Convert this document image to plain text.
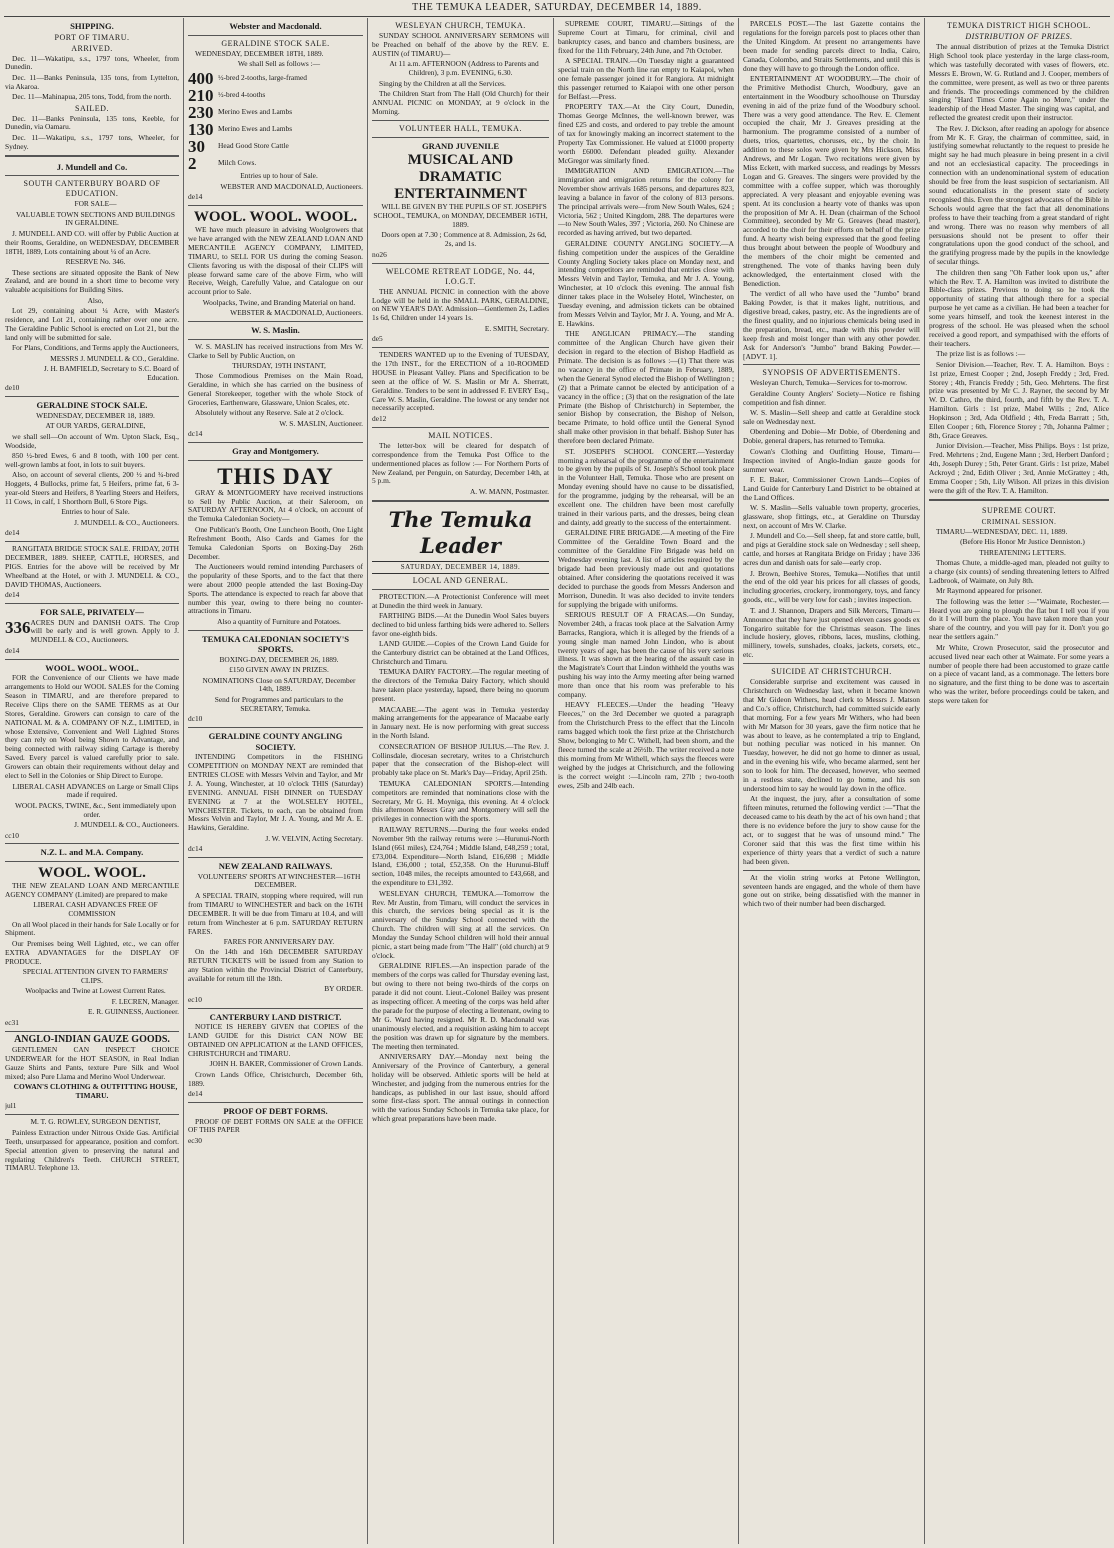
THE TEMUKA LEADER, SATURDAY, DECEMBER 14, 1889.
SHIPPING.
PORT OF TIMARU.
ARRIVED.

Dec. 11—Wakatipu, s.s., 1797 tons, Wheeler, from Dunedin.

Dec. 11—Banks Peninsula, 135 tons, from Lyttelton, via Akaroa.

Dec. 11—Mahinapua, 205 tons, Todd, from the north.

SAILED.

Dec. 11—Banks Peninsula, 135 tons, Keeble, for Dunedin, via Oamaru.

Dec. 11—Wakatipu, s.s., 1797 tons, Wheeler, for Sydney.

J. Mundell and Co.
SOUTH CANTERBURY BOARD OF EDUCATION.

FOR SALE—

VALUABLE TOWN SECTIONS AND BUILDINGS IN GERALDINE.

J. MUNDELL AND CO. will offer by Public Auction at their Rooms, Geraldine, on WEDNESDAY, DECEMBER 18TH, 1889, Lots containing about ¼ of an Acre.

RESERVE No. 346.

These sections are situated opposite the Bank of New Zealand, and are bound in a short time to become very valuable acquisitions for Building Sites.

Also,

Lot 29, containing about ¼ Acre, with Master's residence, and Lot 21, containing rather over one acre. The Geraldine Public School is erected on Lot 21, but the land only will be submitted for sale.

For Plans, Conditions, and Terms apply the Auctioneers,

MESSRS J. MUNDELL & CO., Geraldine.

J. H. BAMFIELD, Secretary to S.C. Board of Education.

de10

GERALDINE STOCK SALE.

WEDNESDAY, DECEMBER 18, 1889.

AT OUR YARDS, GERALDINE,

we shall sell—On account of Wm. Upton Slack, Esq., Woodside,

850 ½-bred Ewes, 6 and 8 tooth, with 100 per cent. well-grown lambs at foot, in lots to suit buyers.

Also, on account of several clients, 200 ½ and ¾-bred Hoggets, 4 Bullocks, prime fat, 5 Heifers, prime fat, 6 3-year-old Steers and Heifers, 8 Yearling Steers and Heifers, 11 Cows, in calf, 1 Shorthorn Bull, 6 Store Pigs.

Entries to hour of Sale.

J. MUNDELL & CO., Auctioneers.

de14

RANGITATA BRIDGE STOCK SALE. FRIDAY, 20TH DECEMBER, 1889. SHEEP, CATTLE, HORSES, and PIGS. Entries for the above will be received by Mr Wheelband at the Hotel, or with J. MUNDELL & CO., DAVID THOMAS, Auctioneers.

de14

FOR SALE, PRIVATELY—
336 ACRES DUN and DANISH OATS. The Crop will be early and is well grown. Apply to J. MUNDELL & CO., Auctioneers.

de14

WOOL. WOOL. WOOL.

FOR the Convenience of our Clients we have made arrangements to Hold our WOOL SALES for the Coming Season in TIMARU, and are therefore prepared to Receive Clips there on the SAME TERMS as at Our Stores, Geraldine. Growers can consign to care of the NATIONAL M. & A. COMPANY OF N.Z., LIMITED, in whose Extensive, Convenient and Well Lighted Stores they can rely on Wool being Shown to Advantage, and being connected with railway siding Cartage is thereby Saved. Every parcel is valued carefully prior to sale. Growers can obtain their requirements without delay and elect to Sell in the Colonies or Ship Direct to Europe.

LIBERAL CASH ADVANCES on Large or Small Clips made if required.

WOOL PACKS, TWINE, &c., Sent immediately upon order.

J. MUNDELL & CO., Auctioneers.

cc10

N.Z. L. and M.A. Company.
WOOL. WOOL.

THE NEW ZEALAND LOAN AND MERCANTILE AGENCY COMPANY (Limited) are prepared to make

LIBERAL CASH ADVANCES FREE OF COMMISSION

On all Wool placed in their hands for Sale Locally or for Shipment.

Our Premises being Well Lighted, etc., we can offer EXTRA ADVANTAGES for the DISPLAY OF PRODUCE.

SPECIAL ATTENTION GIVEN TO FARMERS' CLIPS.

Woolpacks and Twine at Lowest Current Rates.

F. LECREN, Manager.

E. R. GUINNESS, Auctioneer.

ec31

ANGLO-INDIAN GAUZE GOODS.

GENTLEMEN CAN INSPECT CHOICE UNDERWEAR for the HOT SEASON, in Real Indian Gauze Shirts and Pants, texture Pure Silk and Wool mixed; also Pure Llama and Merino Wool Underwear.

COWAN'S CLOTHING & OUTFITTING HOUSE, TIMARU.

jul1

M. T. G. ROWLEY, SURGEON DENTIST,

Painless Extraction under Nitrous Oxide Gas. Artificial Teeth, unsurpassed for appearance, position and comfort. Special attention given to preserving the natural and regulating Children's Teeth. CHURCH STREET, TIMARU. Telephone 13.

Webster and Macdonald.
GERALDINE STOCK SALE.

WEDNESDAY, DECEMBER 18TH, 1889.

We shall Sell as follows :—

400 ½-bred 2-tooths, large-framed
210 ½-bred 4-tooths
230 Merino Ewes and Lambs
130 Merino Ewes and Lambs
30	Head Good Store Cattle
2	Milch Cows.

Entries up to hour of Sale.

WEBSTER AND MACDONALD, Auctioneers.

de14

WOOL. WOOL. WOOL.

WE have much pleasure in advising Woolgrowers that we have arranged with the NEW ZEALAND LOAN AND MERCANTILE AGENCY COMPANY, LIMITED, TIMARU, to SELL FOR US during the coming Season. Clients favoring us with the disposal of their CLIPS will please forward same care of the above Firm, who will Receive, Weigh, Carefully Value, and Catalogue on our account prior to Sale.

Woolpacks, Twine, and Branding Material on hand.

WEBSTER & MACDONALD, Auctioneers.

W. S. Maslin.

W. S. MASLIN has received instructions from Mrs W. Clarke to Sell by Public Auction, on

THURSDAY, 19TH INSTANT,

Those Commodious Premises on the Main Road, Geraldine, in which she has carried on the business of General Storekeeper, together with the whole Stock of Groceries, Earthenware, Glassware, Union Scales, etc.

Absolutely without any Reserve. Sale at 2 o'clock.

W. S. MASLIN, Auctioneer.

dc14

Gray and Montgomery.
THIS DAY

GRAY & MONTGOMERY have received instructions to Sell by Public Auction, at their Saleroom, on SATURDAY AFTERNOON, At 4 o'clock, on account of the Temuka Caledonian Society—

One Publican's Booth, One Luncheon Booth, One Light Refreshment Booth, Also Cards and Games for the Temuka Caledonian Sports on Boxing-Day 26th December.

The Auctioneers would remind intending Purchasers of the popularity of these Sports, and to the fact that there were about 2000 people attended the last Boxing-Day Sports. The attendance is expected to reach far above that number this year, owing to there being no counter-attractions in Timaru.

Also a quantity of Furniture and Potatoes.

TEMUKA CALEDONIAN SOCIETY'S SPORTS.

BOXING-DAY, DECEMBER 26, 1889.

£150 GIVEN AWAY IN PRIZES.

NOMINATIONS Close on SATURDAY, December 14th, 1889.

Send for Programmes and particulars to the SECRETARY, Temuka.

dc10

GERALDINE COUNTY ANGLING SOCIETY.

INTENDING Competitors in the FISHING COMPETITION on MONDAY NEXT are reminded that ENTRIES CLOSE with Messrs Velvin and Taylor, and Mr J. A. Young, Winchester, at 10 o'clock THIS (Saturday) EVENING. ANNUAL FISH DINNER on TUESDAY EVENING at 7 at the WOLSELEY HOTEL, WINCHESTER. Tickets, to each, can be obtained from Messrs Velvin and Taylor, Mr J. A. Young, and Mr A. E. Hawkins, Geraldine.

J. W. VELVIN, Acting Secretary.

dc14

NEW ZEALAND RAILWAYS.

VOLUNTEERS' SPORTS AT WINCHESTER—16TH DECEMBER.

A SPECIAL TRAIN, stopping where required, will run from TIMARU to WINCHESTER and back on the 16TH DECEMBER. It will be due from Timaru at 10.4, and will return from Winchester at 6 p.m. SATURDAY RETURN FARES.

FARES FOR ANNIVERSARY DAY.

On the 14th and 16th DECEMBER SATURDAY RETURN TICKETS will be issued from any Station to any Station within the Provincial District of Canterbury, available for return till the 18th.

BY ORDER.

ec10

CANTERBURY LAND DISTRICT.

NOTICE IS HEREBY GIVEN that COPIES of the LAND GUIDE for this District CAN NOW BE OBTAINED ON APPLICATION at the LAND OFFICES, CHRISTCHURCH and TIMARU.

JOHN H. BAKER, Commissioner of Crown Lands.

Crown Lands Office, Christchurch, December 6th, 1889.

de14

PROOF OF DEBT FORMS.

PROOF OF DEBT FORMS ON SALE at the OFFICE OF THIS PAPER

ec30

WESLEYAN CHURCH, TEMUKA.

SUNDAY SCHOOL ANNIVERSARY SERMONS will be Preached on behalf of the above by the REV. E. AUSTIN (of TIMARU)—

At 11 a.m. AFTERNOON (Address to Parents and Children), 3 p.m. EVENING, 6.30.

Singing by the Children at all the Services.

The Children Start from The Hall (Old Church) for their ANNUAL PICNIC on MONDAY, at 9 o'clock in the Morning.

VOLUNTEER HALL, TEMUKA.
GRAND JUVENILE
MUSICAL AND DRAMATIC ENTERTAINMENT

WILL BE GIVEN BY THE PUPILS OF ST. JOSEPH'S SCHOOL, TEMUKA, on MONDAY, DECEMBER 16TH, 1889.

Doors open at 7.30 ; Commence at 8. Admission, 2s 6d, 2s, and 1s.

no26

WELCOME RETREAT LODGE, No. 44, I.O.G.T.

THE ANNUAL PICNIC in connection with the above Lodge will be held in the SMALL PARK, GERALDINE, on NEW YEAR'S DAY. Admission—Gentlemen 2s, Ladies 1s 6d, Children under 14 years 1s.

E. SMITH, Secretary.

de5

TENDERS WANTED up to the Evening of TUESDAY, the 17th INST., for the ERECTION of a 10-ROOMED HOUSE in Pleasant Valley. Plans and Specification to be seen at the office of W. S. Maslin or Mr A. Sherratt, Geraldine. Tenders to be sent in addressed F. EVERY Esq., Care W. S. Maslin, Geraldine. The lowest or any tender not necessarily accepted.

de12

MAIL NOTICES.

The letter-box will be cleared for despatch of correspondence from the Temuka Post Office to the undermentioned places as follow :— For Northern Ports of New Zealand, per Penguin, on Saturday, December 14th, at 5 p.m.

A. W. MANN, Postmaster.

The Temuka Leader
SATURDAY, DECEMBER 14, 1889.
LOCAL AND GENERAL.

PROTECTION.—A Protectionist Conference will meet at Dunedin the third week in January.

FARTHING BIDS.—At the Dunedin Wool Sales buyers declined to bid unless farthing bids were adhered to. Sellers favor one-eighth bids.

LAND GUIDE.—Copies of the Crown Land Guide for the Canterbury district can be obtained at the Land Offices, Christchurch and Timaru.

TEMUKA DAIRY FACTORY.—The regular meeting of the directors of the Temuka Dairy Factory, which should have taken place yesterday, lapsed, there being no quorum present.

MACAABE.—The agent was in Temuka yesterday making arrangements for the appearance of Macaabe early in January next. He is now performing with great success in the North Island.

CONSECRATION OF BISHOP JULIUS.—The Rev. J. Collinsdale, diocesan secretary, writes to a Christchurch paper that the consecration of the Bishop-elect will probably take place on St. Mark's Day—Friday, April 25th.

TEMUKA CALEDONIAN SPORTS.—Intending competitors are reminded that nominations close with the Secretary, Mr G. H. Moyniga, this evening. At 4 o'clock this afternoon Messrs Gray and Montgomery will sell the privileges in connection with the sports.

RAILWAY RETURNS.—During the four weeks ended November 9th the railway returns were :—Hurunui-North Island (661 miles), £24,764 ; Middle Island, £48,259 ; total, £73,004. Expenditure—North Island, £16,698 ; Middle Island, £36,000 ; total, £52,358. On the Hurunui-Bluff section, 1048 miles, the receipts amounted to £43,668, and the expenditure to £31,392.

WESLEYAN CHURCH, TEMUKA.—Tomorrow the Rev. Mr Austin, from Timaru, will conduct the services in this church, the services being special as it is the anniversary of the Sunday School connected with the Church. The children will sing at all the services. On Monday the Sunday School children will hold their annual picnic, a start being made from "The Hall" (old church) at 9 o'clock.

GERALDINE RIFLES.—An inspection parade of the members of the corps was called for Thursday evening last, but owing to there not being two-thirds of the corps on parade it did not count. Lieut.-Colonel Bailey was present as inspecting officer. A meeting of the corps was held after the parade for the purpose of electing a lieutenant, owing to Mr G. Ward having resigned. Mr R. D. Macdonald was unanimously elected, and a requisition asking him to accept the position was drawn up for signature by the members. The meeting then terminated.

ANNIVERSARY DAY.—Monday next being the Anniversary of the Province of Canterbury, a general holiday will be observed. Athletic sports will be held at Winchester, and judging from the numerous entries for the handicaps, as published in our last issue, should afford some first-class sport. The annual outings in connection with the various Sunday Schools in Temuka take place, for which great preparations have been made.

SUPREME COURT, TIMARU.—Sittings of the Supreme Court at Timaru, for criminal, civil and bankruptcy cases, and banco and chambers business, are fixed for the 11th February, 24th June, and 7th October.

A SPECIAL TRAIN.—On Tuesday night a guaranteed special train on the North line ran empty to Kaiapoi, when one female passenger joined it for Rangiora. At midnight this passenger returned to Kaiapoi with one other person for Belfast.—Press.

PROPERTY TAX.—At the City Court, Dunedin, Thomas George McInnes, the well-known brewer, was fined £25 and costs, and ordered to pay treble the amount of tax for knowingly making an incorrect statement to the Property Tax Commissioner. He valued at £1000 property worth £6000. Defendant pleaded guilty. Alexander McGregor was similarly fined.

IMMIGRATION AND EMIGRATION.—The immigration and emigration returns for the colony for November show arrivals 1685 persons, and departures 823, leaving a balance in favor of the colony of 813 persons. The principal arrivals were—from New South Wales, 624 ; Victoria, 562 ; United Kingdom, 288. The departures were—to New South Wales, 397 ; Victoria, 260. No Chinese are recorded as having arrived, but two departed.

GERALDINE COUNTY ANGLING SOCIETY.—A fishing competition under the auspices of the Geraldine County Angling Society takes place on Monday next, and intending competitors are reminded that entries close with Messrs Velvin and Taylor, Temuka, and Mr J. A. Young, Winchester, at 10 o'clock this evening. The annual fish dinner takes place in the Wolseley Hotel, Winchester, on Tuesday evening, and admission tickets can be obtained from Messrs Velvin and Taylor, Mr J. A. Young, and Mr A. E. Hawkins.

THE ANGLICAN PRIMACY.—The standing committee of the Anglican Church have given their decision in regard to the election of Bishop Hadfield as Primate. The decision is as follows :—(1) That there was no vacancy in the office of Primate in February, 1889, when the General Synod elected the Bishop of Wellington ; (2) that a Primate cannot be elected by anticipation of a vacancy in the office ; (3) that on the resignation of the late Primate (the Bishop of Christchurch) in September, the senior Bishop by consecration, the Bishop of Nelson, became Primate, to hold office until the General Synod shall make other provision in that behalf. Bishop Suter has therefore been declared Primate.

ST. JOSEPH'S SCHOOL CONCERT.—Yesterday morning a rehearsal of the programme of the entertainment to be given by the pupils of St. Joseph's School took place in the Volunteer Hall, Temuka. Those who are present on Monday evening should have no cause to be dissatisfied, for the programme, judging by the rehearsal, will be an excellent one. The children have been most carefully trained in their various parts, and the dresses, being clean and dainty, add greatly to the success of the entertainment.

GERALDINE FIRE BRIGADE.—A meeting of the Fire Committee of the Geraldine Town Board and the committee of the Geraldine Fire Brigade was held on Wednesday evening last. A list of articles required by the brigade had been previously made out and quotations obtained. After considering the quotations received it was decided to purchase the goods from Messrs Anderson and Morrison, Dunedin. It was also decided to invite tenders for supplying the brigade with uniforms.

SERIOUS RESULT OF A FRACAS.—On Sunday, November 24th, a fracas took place at the Salvation Army Barracks, Rangiora, which it is alleged by the friends of a young single man named John Lindon, who is about twenty years of age, has been the cause of his very serious illness. It was shown at the hearing of the assault case in the Magistrate's Court that Lindon withheld the youths was pushing his way into the Army meeting after being warned more than once that his room was preferable to his company.

HEAVY FLEECES.—Under the heading "Heavy Fleeces," on the 3rd December we quoted a paragraph from the Christchurch Press to the effect that the Lincoln rams bagged which took the first prize at the Christchurch Show, belonging to Mr C. Withell, had been shorn, and the fleece turned the scale at 26½lb. The writer received a note this morning from Mr Withell, which says the fleeces were weighed by the judges at Christchurch, and the following is the correct weight :—Lincoln ram, 27lb ; two-tooth ewes, 25lb and 24lb each.

PARCELS POST.—The last Gazette contains the regulations for the foreign parcels post to places other than the United Kingdom. At present no arrangements have been made for sending parcels direct to India, Cairo, Canada, Colombo, and Straits Settlements, and until this is done they will have to go through the London office.

ENTERTAINMENT AT WOODBURY.—The choir of the Primitive Methodist Church, Woodbury, gave an entertainment in the Woodbury schoolhouse on Thursday evening in aid of the prize fund of the Woodbury school. There was a very good attendance. The Rev. E. Clement occupied the chair, Mr J. Greaves presiding at the harmonium. The programme consisted of a number of duets, trios, quartettes, choruses, etc., by the choir. In addition to these solos were given by Mrs Hickson, Miss Andrews, and Mr Logan. Two recitations were given by Miss Eckett, with marked success, and readings by Messrs Logan and G. Greaves. The singers were provided by the committee with a coffee supper, which was thoroughly appreciated. A very pleasant and enjoyable evening was spent. At its conclusion a hearty vote of thanks was upon the proposition of Mr A. H. Dean (chairman of the School Committee), seconded by Mr G. Greaves (head master), accorded to the choir for their efforts on behalf of the prize fund. A hearty wish being expressed that the good feeling thus brought about between the people of Woodbury and the members of the choir might be cemented and strengthened. The vote of thanks having been duly acknowledged, the entertainment closed with the Benediction.

The verdict of all who have used the "Jumbo" brand Baking Powder, is that it makes light, nutritious, and digestive bread, cakes, pastry, etc. As the ingredients are of the finest quality, and no injurious chemicals being used in the preparation, bread, etc., made with this powder will keep fresh and moist longer than with any other powder. Ask for Anderson's "Jumbo" brand Baking Powder.—[ADVT. 1].

SYNOPSIS OF ADVERTISEMENTS.

Wesleyan Church, Temuka—Services for to-morrow.

Geraldine County Anglers' Society—Notice re fishing competition and fish dinner.

W. S. Maslin—Sell sheep and cattle at Geraldine stock sale on Wednesday next.

Oberdening and Dobie—Mr Dobie, of Oberdening and Dobie, general drapers, has returned to Temuka.

Cowan's Clothing and Outfitting House, Timaru—Inspection invited of Anglo-Indian gauze goods for summer wear.

F. E. Baker, Commissioner Crown Lands—Copies of Land Guide for Canterbury Land District to be obtained at the Land Offices.

W. S. Maslin—Sells valuable town property, groceries, glassware, shop fittings, etc., at Geraldine on Thursday next, on account of Mrs W. Clarke.

J. Mundell and Co.—Sell sheep, fat and store cattle, bull, and pigs at Geraldine stock sale on Wednesday ; sell sheep, cattle, and horses at Rangitata Bridge on Friday ; have 336 acres dun and danish oats for sale—early crop.

J. Brown, Beehive Stores, Temuka—Notifies that until the end of the old year his prices for all classes of goods, including groceries, crockery, ironmongery, toys, and fancy goods, etc., will be very low for cash ; invites inspection.

T. and J. Shannon, Drapers and Silk Mercers, Timaru—Announce that they have just opened eleven cases goods ex Tongariro suitable for the Christmas season. The lines include hosiery, gloves, ribbons, laces, muslins, clothing, millinery, towels, sunshades, cloaks, jackets, corsets, etc., etc.

SUICIDE AT CHRISTCHURCH.

Considerable surprise and excitement was caused in Christchurch on Wednesday last, when it became known that Mr Gideon Withers, head clerk to Messrs J. Matson and Co.'s office, Christchurch, had committed suicide early that morning. For a few years Mr Withers, who had been with Mr Matson for 30 years, gave the firm notice that he was about to leave, as he contemplated a trip to England, but nothing peculiar was noticed in his manner. On Tuesday, however, he did not go home to dinner as usual, and in the evening his wife, who became alarmed, sent her son to look for him. The deceased, however, who seemed in a restless state, declined to go home, and his son understood him to say he would lay down in the office.

At the inquest, the jury, after a consultation of some fifteen minutes, returned the following verdict :—"That the deceased came to his death by the act of his own hand ; that there is no evidence before the jury to show cause for the act, or to suggest that he was of unsound mind." The Coroner said that this was the first time within his experience of thirty years that a verdict of such a nature had been given.

At the violin string works at Petone Wellington, seventeen hands are engaged, and the whole of them have gone out on strike, being dissatisfied with the manner in which two of their number had been discharged.

TEMUKA DISTRICT HIGH SCHOOL.
DISTRIBUTION OF PRIZES.

The annual distribution of prizes at the Temuka District High School took place yesterday in the large class-room, which was tastefully decorated with vases of flowers, etc. Messrs E. Brown, W. G. Rutland and J. Cooper, members of the committee, were present, as well as two or three parents and friends. The proceedings commenced by the children singing "Hard Times Come Again no More," under the leadership of the Head Master. The singing was capital, and reflected the greatest credit upon their instructor.

The Rev. J. Dickson, after reading an apology for absence from Mr K. F. Gray, the chairman of committee, said, in justifying somewhat reluctantly to the request to preside he might say he had much pleasure in being present in a civil and not an ecclesiastical capacity. The proceedings in connection with an undenominational system of education should be free from the least suspicion of sectarianism. All sound educationalists in the present state of society recognised this. Even the strongest advocates of the Bible in Schools would agree that the fact that all denominations profess to have their teaching from a great standard of right and wrong. There was no reason why members of all persuasions should not be present to offer their congratulations upon the good conduct of the school, and the gratifying progress made by the pupils in the knowledge of secular things.

The children then sang "Oh Father look upon us," after which the Rev. T. A. Hamilton was invited to distribute the Bible-class prizes. Previous to doing so he took the opportunity of stating that although there for a special purpose he yet came as a civilian. He had been a teacher for some years himself, and took the keenest interest in the progress of the school. He was pleased when the school received a good report, and sympathised with the efforts of their teachers.

The prize list is as follows :—

Senior Division.—Teacher, Rev. T. A. Hamilton. Boys : 1st prize, Ernest Cooper ; 2nd, Joseph Freddy ; 3rd, Fred. Storey ; 4th, Francis Freddy ; 5th, Geo. Mehrtens. The first prize was presented by Mr C. J. Rayner, the second by Mr W. D. Cathro, the third, fourth, and fifth by the Rev. T. A. Hamilton. Girls : 1st prize, Mabel Wills ; 2nd, Alice Hopkinson ; 3rd, Ada Oldfield ; 4th, Freda Barratt ; 5th, Ellen Cooper ; 6th, Florence Storey ; 7th, Johanna Palmer ; 8th, Grace Greaves.

Junior Division.—Teacher, Miss Philips. Boys : 1st prize, Fred. Mehrtens ; 2nd, Eugene Mann ; 3rd, Herbert Danford ; 4th, Joseph Durey ; 5th, Peter Grant. Girls : 1st prize, Mabel Ackroyd ; 2nd, Edith Oliver ; 3rd, Annie McGrattey ; 4th, Emma Cooper ; 5th, Lily Wilson. All prizes in this division were the gift of the Rev. T. A. Hamilton.

SUPREME COURT.
CRIMINAL SESSION.

TIMARU—WEDNESDAY, DEC. 11, 1889.

(Before His Honor Mr Justice Denniston.)

THREATENING LETTERS.

Thomas Chute, a middle-aged man, pleaded not guilty to a charge (six counts) of sending threatening letters to Alfred Ladbrook, of Waimate, on July 8th.

Mr Raymond appeared for prisoner.

The following was the letter :—"Waimate, Rochester.—Heard you are going to plough the flat but I tell you if you do it I will burn the place. You have taken more than your share of the country, and you will pay for it. Don't you go near the settlers again."

Mr White, Crown Prosecutor, said the prosecutor and accused lived near each other at Waimate. For some years a number of people there had been accustomed to graze cattle on a piece of vacant land, as a commonage. The letters bore no signature, and the first thing to be done was to ascertain who was the writer, before proceedings could be taken, and steps were taken for
